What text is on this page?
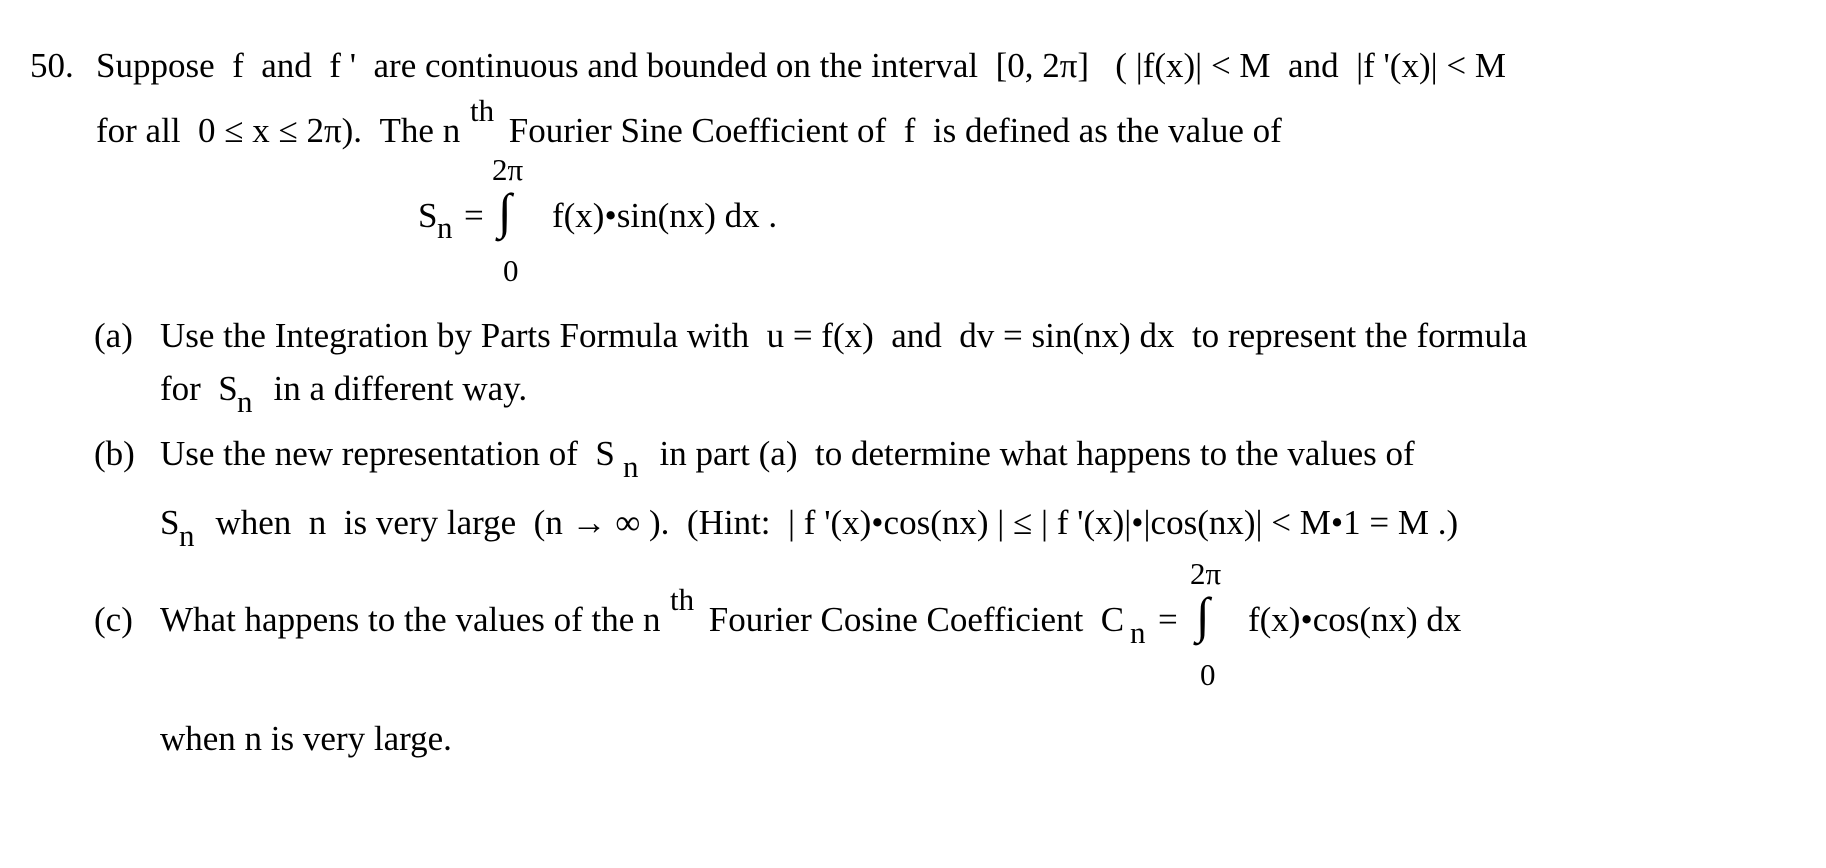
50. Suppose  f  and  f '  are continuous and bounded on the interval  [0, 2π]   ( |f(x)| < M  and  |f '(x)| < M
for all  0 ≤ x ≤ 2π).  The n
th
Fourier Sine Coefficient of  f  is defined as the value of
S n =
2π
∫
0
f(x)•sin(nx) dx .
(a) Use the Integration by Parts Formula with  u = f(x)  and  dv = sin(nx) dx  to represent the formula
for  S n in a different way.
(b) Use the new representation of  S n in part (a)  to determine what happens to the values of
S n when  n  is very large  (n → ∞ ).  (Hint:  | f '(x)•cos(nx) | ≤ | f '(x)|•|cos(nx)| < M•1 = M .)
(c) What happens to the values of the n
th
Fourier Cosine Coefficient  C n =
2π
∫
0
f(x)•cos(nx) dx
when n is very large.
